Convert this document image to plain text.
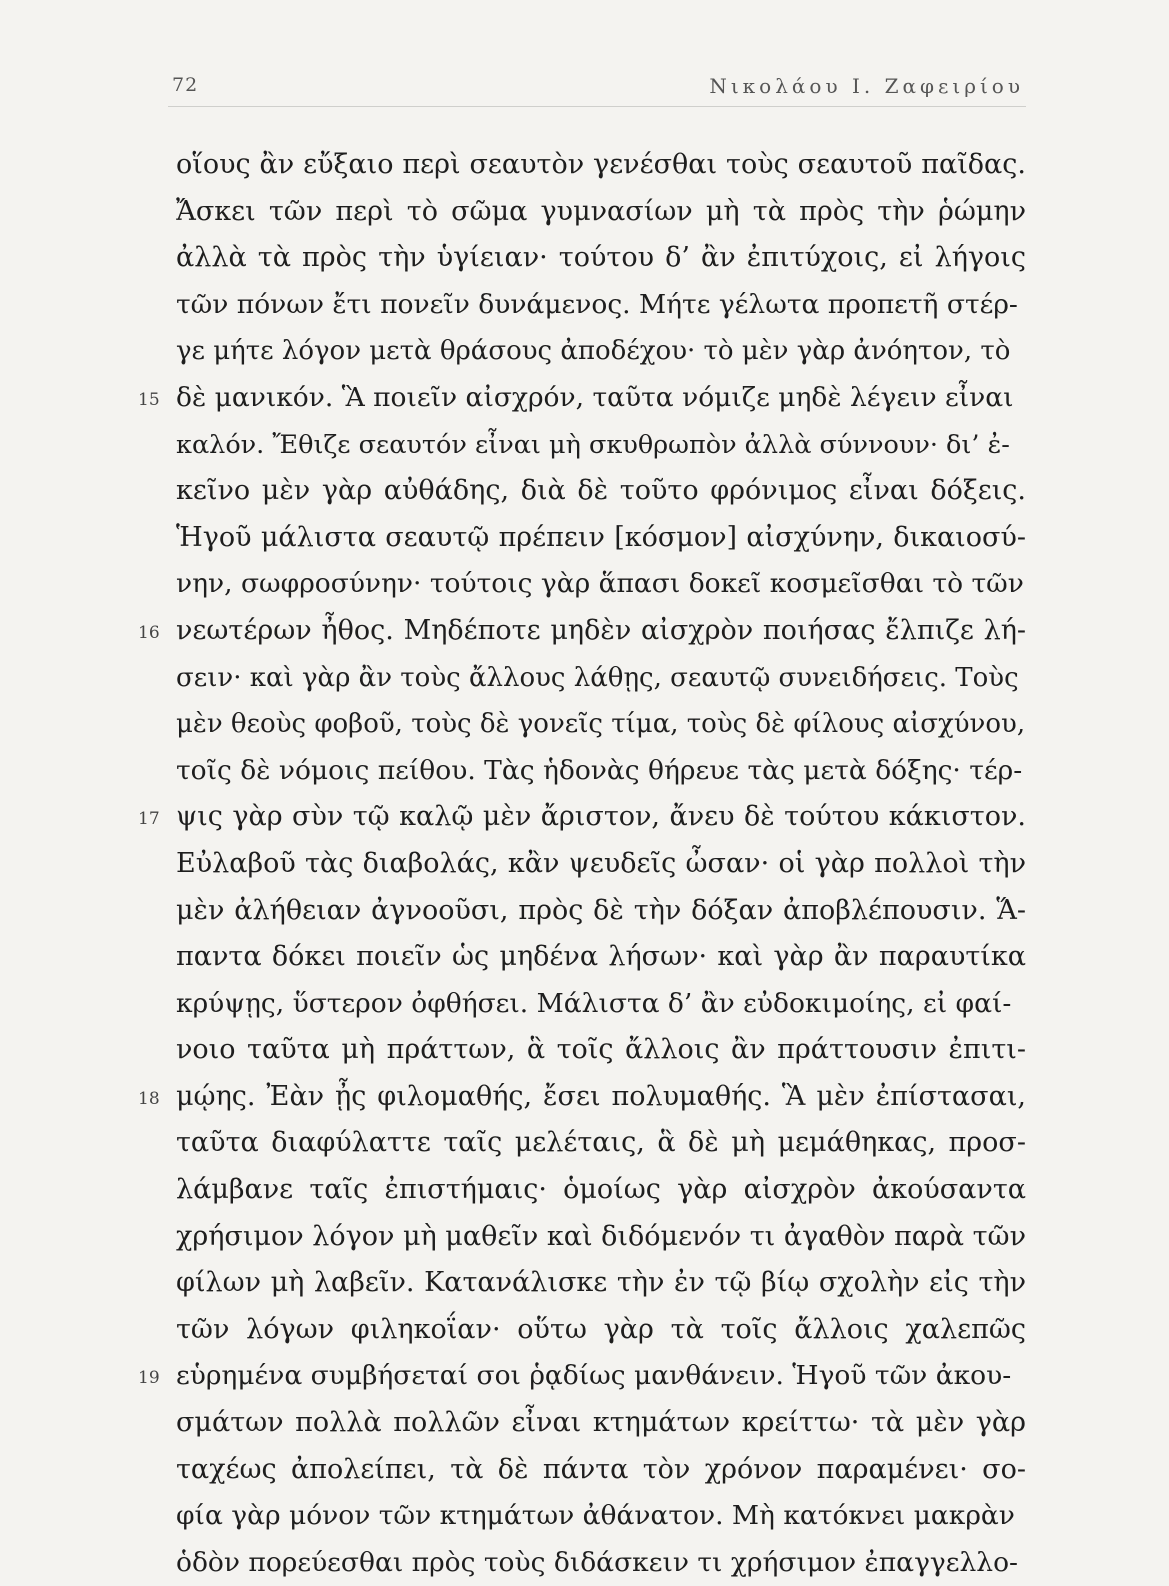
72	Νικολάου Ι. Ζαφειρίου
οἵους ἂν εὔξαιο περὶ σεαυτὸν γενέσθαι τοὺς σεαυτοῦ παῖδας.
Ἄσκει τῶν περὶ τὸ σῶμα γυμνασίων μὴ τὰ πρὸς τὴν ῥώμην
ἀλλὰ τὰ πρὸς τὴν ὑγίειαν· τούτου δ’ ἂν ἐπιτύχοις, εἰ λήγοις
τῶν πόνων ἔτι πονεῖν δυνάμενος. Μήτε γέλωτα προπετῆ στέρ-
γε μήτε λόγον μετὰ θράσους ἀποδέχου· τὸ μὲν γὰρ ἀνόητον, τὸ
15 δὲ μανικόν. Ἃ ποιεῖν αἰσχρόν, ταῦτα νόμιζε μηδὲ λέγειν εἶναι
καλόν. Ἔθιζε σεαυτόν εἶναι μὴ σκυθρωπὸν ἀλλὰ σύννουν· δι’ ἐ-
κεῖνο μὲν γὰρ αὐθάδης, διὰ δὲ τοῦτο φρόνιμος εἶναι δόξεις.
Ἡγοῦ μάλιστα σεαυτῷ πρέπειν [κόσμον] αἰσχύνην, δικαιοσύ-
νην, σωφροσύνην· τούτοις γὰρ ἅπασι δοκεῖ κοσμεῖσθαι τὸ τῶν
16 νεωτέρων ἦθος. Μηδέποτε μηδὲν αἰσχρὸν ποιήσας ἔλπιζε λή-
σειν· καὶ γὰρ ἂν τοὺς ἄλλους λάθῃς, σεαυτῷ συνειδήσεις. Τοὺς
μὲν θεοὺς φοβοῦ, τοὺς δὲ γονεῖς τίμα, τοὺς δὲ φίλους αἰσχύνου,
τοῖς δὲ νόμοις πείθου. Τὰς ἡδονὰς θήρευε τὰς μετὰ δόξης· τέρ-
17 ψις γὰρ σὺν τῷ καλῷ μὲν ἄριστον, ἄνευ δὲ τούτου κάκιστον.
Εὐλαβοῦ τὰς διαβολάς, κἂν ψευδεῖς ὦσαν· οἱ γὰρ πολλοὶ τὴν
μὲν ἀλήθειαν ἀγνοοῦσι, πρὸς δὲ τὴν δόξαν ἀποβλέπουσιν. Ἅ-
παντα δόκει ποιεῖν ὡς μηδένα λήσων· καὶ γὰρ ἂν παραυτίκα
κρύψῃς, ὕστερον ὀφθήσει. Μάλιστα δ’ ἂν εὐδοκιμοίης, εἰ φαί-
νοιο ταῦτα μὴ πράττων, ἃ τοῖς ἄλλοις ἂν πράττουσιν ἐπιτι-
18 μῴης. Ἐὰν ᾖς φιλομαθής, ἔσει πολυμαθής. Ἃ μὲν ἐπίστασαι,
ταῦτα διαφύλαττε ταῖς μελέταις, ἃ δὲ μὴ μεμάθηκας, προσ-
λάμβανε ταῖς ἐπιστήμαις· ὁμοίως γὰρ αἰσχρὸν ἀκούσαντα
χρήσιμον λόγον μὴ μαθεῖν καὶ διδόμενόν τι ἀγαθὸν παρὰ τῶν
φίλων μὴ λαβεῖν. Κατανάλισκε τὴν ἐν τῷ βίῳ σχολὴν εἰς τὴν
τῶν λόγων φιληκοΐαν· οὕτω γὰρ τὰ τοῖς ἄλλοις χαλεπῶς
19 εὑρημένα συμβήσεταί σοι ῥᾳδίως μανθάνειν. Ἡγοῦ τῶν ἀκου-
σμάτων πολλὰ πολλῶν εἶναι κτημάτων κρείττω· τὰ μὲν γὰρ
ταχέως ἀπολείπει, τὰ δὲ πάντα τὸν χρόνον παραμένει· σο-
φία γὰρ μόνον τῶν κτημάτων ἀθάνατον. Μὴ κατόκνει μακρὰν
ὁδὸν πορεύεσθαι πρὸς τοὺς διδάσκειν τι χρήσιμον ἐπαγγελλο-
